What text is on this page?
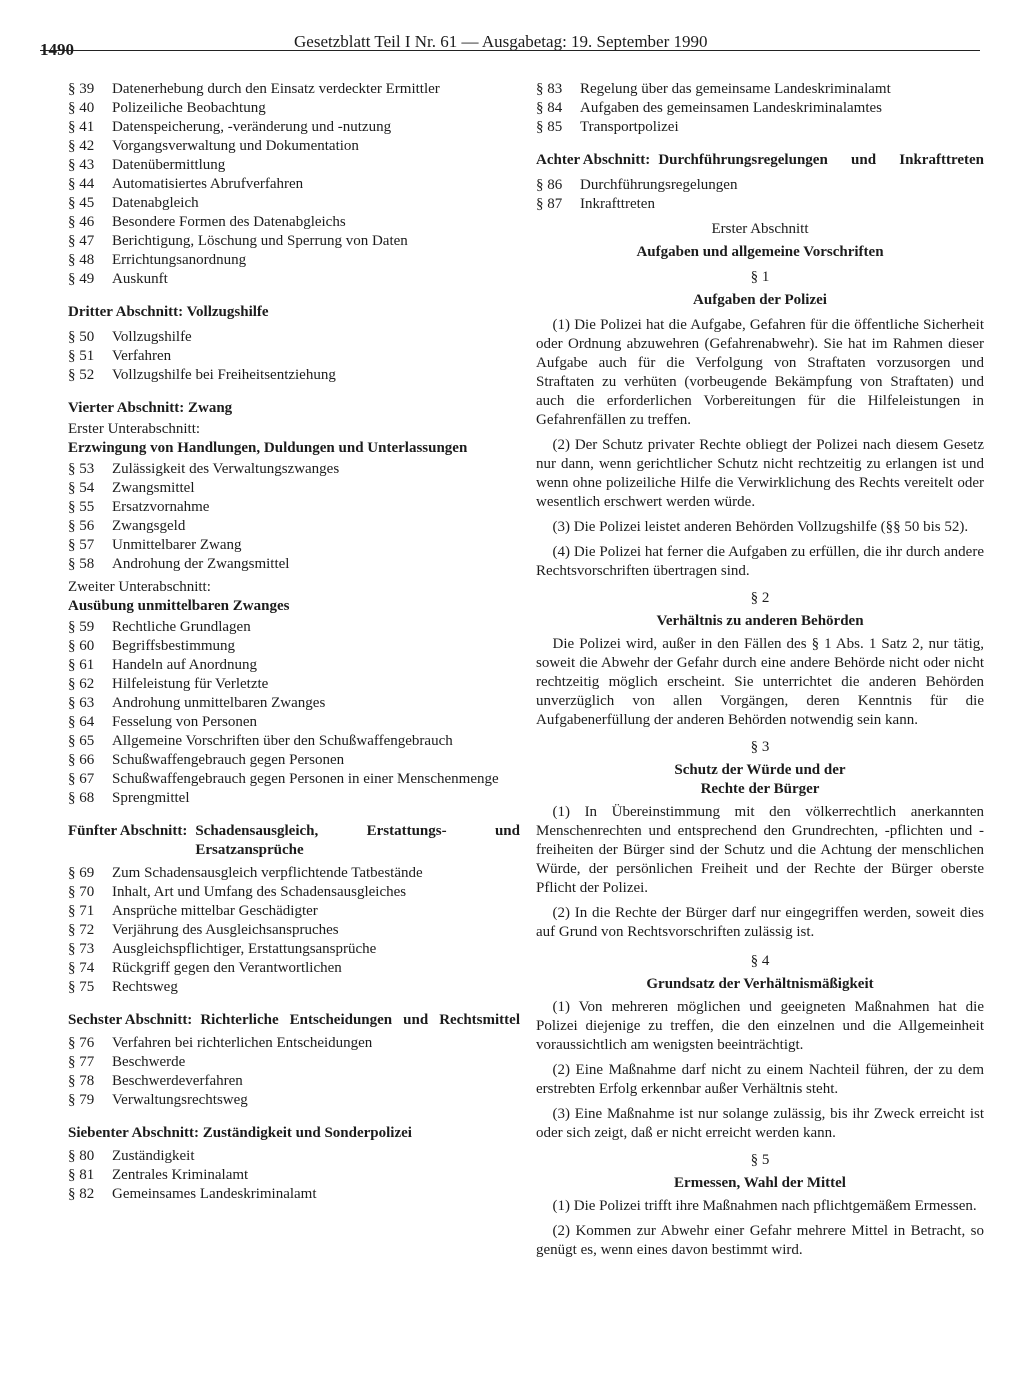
1490	Gesetzblatt Teil I Nr. 61 — Ausgabetag: 19. September 1990
§ 39	Datenerhebung durch den Einsatz verdeckter Ermittler
§ 40	Polizeiliche Beobachtung
§ 41	Datenspeicherung, -veränderung und -nutzung
§ 42	Vorgangsverwaltung und Dokumentation
§ 43	Datenübermittlung
§ 44	Automatisiertes Abrufverfahren
§ 45	Datenabgleich
§ 46	Besondere Formen des Datenabgleichs
§ 47	Berichtigung, Löschung und Sperrung von Daten
§ 48	Errichtungsanordnung
§ 49	Auskunft
Dritter Abschnitt: Vollzugshilfe
§ 50	Vollzugshilfe
§ 51	Verfahren
§ 52	Vollzugshilfe bei Freiheitsentziehung
Vierter Abschnitt: Zwang
Erster Unterabschnitt:
Erzwingung von Handlungen, Duldungen und Unterlassungen
§ 53	Zulässigkeit des Verwaltungszwanges
§ 54	Zwangsmittel
§ 55	Ersatzvornahme
§ 56	Zwangsgeld
§ 57	Unmittelbarer Zwang
§ 58	Androhung der Zwangsmittel
Zweiter Unterabschnitt:
Ausübung unmittelbaren Zwanges
§ 59	Rechtliche Grundlagen
§ 60	Begriffsbestimmung
§ 61	Handeln auf Anordnung
§ 62	Hilfeleistung für Verletzte
§ 63	Androhung unmittelbaren Zwanges
§ 64	Fesselung von Personen
§ 65	Allgemeine Vorschriften über den Schußwaffengebrauch
§ 66	Schußwaffengebrauch gegen Personen
§ 67	Schußwaffengebrauch gegen Personen in einer Menschenmenge
§ 68	Sprengmittel
Fünfter Abschnitt: Schadensausgleich, Erstattungs- und Ersatzansprüche
§ 69	Zum Schadensausgleich verpflichtende Tatbestände
§ 70	Inhalt, Art und Umfang des Schadensausgleiches
§ 71	Ansprüche mittelbar Geschädigter
§ 72	Verjährung des Ausgleichsanspruches
§ 73	Ausgleichspflichtiger, Erstattungsansprüche
§ 74	Rückgriff gegen den Verantwortlichen
§ 75	Rechtsweg
Sechster Abschnitt: Richterliche Entscheidungen und Rechtsmittel
§ 76	Verfahren bei richterlichen Entscheidungen
§ 77	Beschwerde
§ 78	Beschwerdeverfahren
§ 79	Verwaltungsrechtsweg
Siebenter Abschnitt: Zuständigkeit und Sonderpolizei
§ 80	Zuständigkeit
§ 81	Zentrales Kriminalamt
§ 82	Gemeinsames Landeskriminalamt
§ 83	Regelung über das gemeinsame Landeskriminalamt
§ 84	Aufgaben des gemeinsamen Landeskriminalamtes
§ 85	Transportpolizei
Achter Abschnitt: Durchführungsregelungen und Inkrafttreten
§ 86	Durchführungsregelungen
§ 87	Inkrafttreten
Erster Abschnitt
Aufgaben und allgemeine Vorschriften
§ 1
Aufgaben der Polizei

(1) Die Polizei hat die Aufgabe, Gefahren für die öffentliche Sicherheit oder Ordnung abzuwehren (Gefahrenabwehr). Sie hat im Rahmen dieser Aufgabe auch für die Verfolgung von Straftaten vorzusorgen und Straftaten zu verhüten (vorbeugende Bekämpfung von Straftaten) und auch die erforderlichen Vorbereitungen für die Hilfeleistungen in Gefahrenfällen zu treffen.

(2) Der Schutz privater Rechte obliegt der Polizei nach diesem Gesetz nur dann, wenn gerichtlicher Schutz nicht rechtzeitig zu erlangen ist und wenn ohne polizeiliche Hilfe die Verwirklichung des Rechts vereitelt oder wesentlich erschwert werden würde.

(3) Die Polizei leistet anderen Behörden Vollzugshilfe (§§ 50 bis 52).

(4) Die Polizei hat ferner die Aufgaben zu erfüllen, die ihr durch andere Rechtsvorschriften übertragen sind.

§ 2
Verhältnis zu anderen Behörden

Die Polizei wird, außer in den Fällen des § 1 Abs. 1 Satz 2, nur tätig, soweit die Abwehr der Gefahr durch eine andere Behörde nicht oder nicht rechtzeitig möglich erscheint. Sie unterrichtet die anderen Behörden unverzüglich von allen Vorgängen, deren Kenntnis für die Aufgabenerfüllung der anderen Behörden notwendig sein kann.

§ 3
Schutz der Würde und der
Rechte der Bürger

(1) In Übereinstimmung mit den völkerrechtlich anerkannten Menschenrechten und entsprechend den Grundrechten, -pflichten und -freiheiten der Bürger sind der Schutz und die Achtung der menschlichen Würde, der persönlichen Freiheit und der Rechte der Bürger oberste Pflicht der Polizei.

(2) In die Rechte der Bürger darf nur eingegriffen werden, soweit dies auf Grund von Rechtsvorschriften zulässig ist.

§ 4
Grundsatz der Verhältnismäßigkeit

(1) Von mehreren möglichen und geeigneten Maßnahmen hat die Polizei diejenige zu treffen, die den einzelnen und die Allgemeinheit voraussichtlich am wenigsten beeinträchtigt.

(2) Eine Maßnahme darf nicht zu einem Nachteil führen, der zu dem erstrebten Erfolg erkennbar außer Verhältnis steht.

(3) Eine Maßnahme ist nur solange zulässig, bis ihr Zweck erreicht ist oder sich zeigt, daß er nicht erreicht werden kann.

§ 5
Ermessen, Wahl der Mittel

(1) Die Polizei trifft ihre Maßnahmen nach pflichtgemäßem Ermessen.

(2) Kommen zur Abwehr einer Gefahr mehrere Mittel in Betracht, so genügt es, wenn eines davon bestimmt wird.
